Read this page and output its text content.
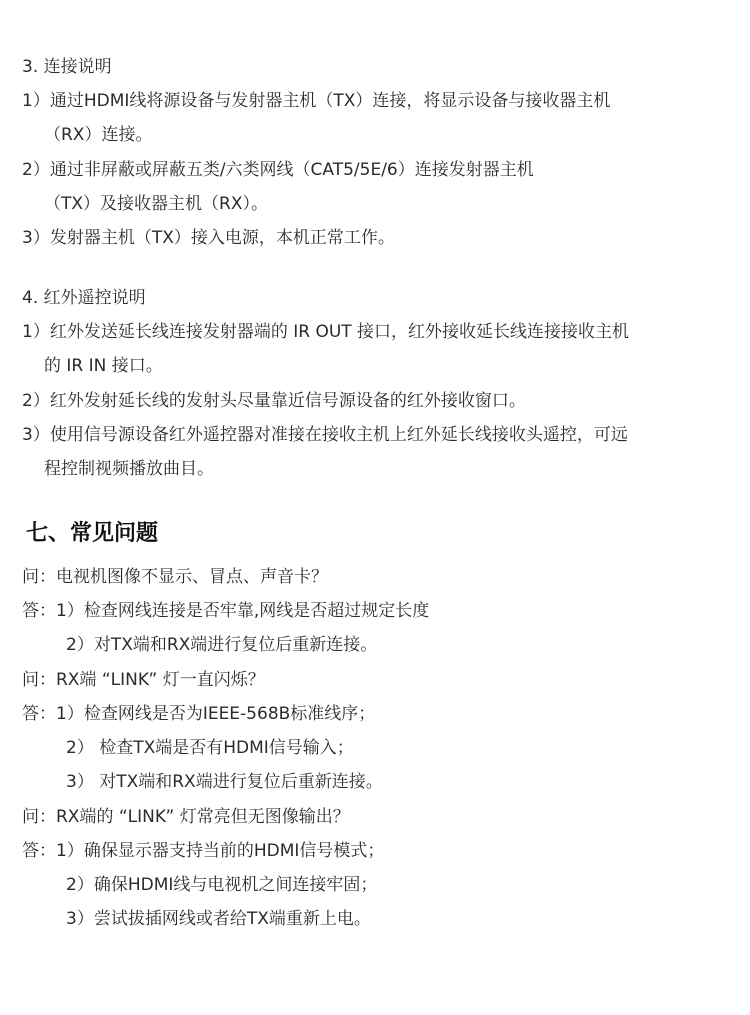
3. 连接说明
1）通过HDMI线将源设备与发射器主机（TX）连接，将显示设备与接收器主机
（RX）连接。
2）通过非屏蔽或屏蔽五类/六类网线（CAT5/5E/6）连接发射器主机
（TX）及接收器主机（RX）。
3）发射器主机（TX）接入电源，本机正常工作。
4. 红外遥控说明
1）红外发送延长线连接发射器端的 IR OUT 接口，红外接收延长线连接接收主机
的 IR IN 接口。
2）红外发射延长线的发射头尽量靠近信号源设备的红外接收窗口。
3）使用信号源设备红外遥控器对准接在接收主机上红外延长线接收头遥控，可远
程控制视频播放曲目。
七、常见问题
问：电视机图像不显示、冒点、声音卡？
答：1）检查网线连接是否牢靠,网线是否超过规定长度
2）对TX端和RX端进行复位后重新连接。
问：RX端 “LINK” 灯一直闪烁？
答：1）检查网线是否为IEEE-568B标准线序；
2） 检查TX端是否有HDMI信号输入；
3） 对TX端和RX端进行复位后重新连接。
问：RX端的 “LINK” 灯常亮但无图像输出？
答：1）确保显示器支持当前的HDMI信号模式；
2）确保HDMI线与电视机之间连接牢固；
3）尝试拔插网线或者给TX端重新上电。
